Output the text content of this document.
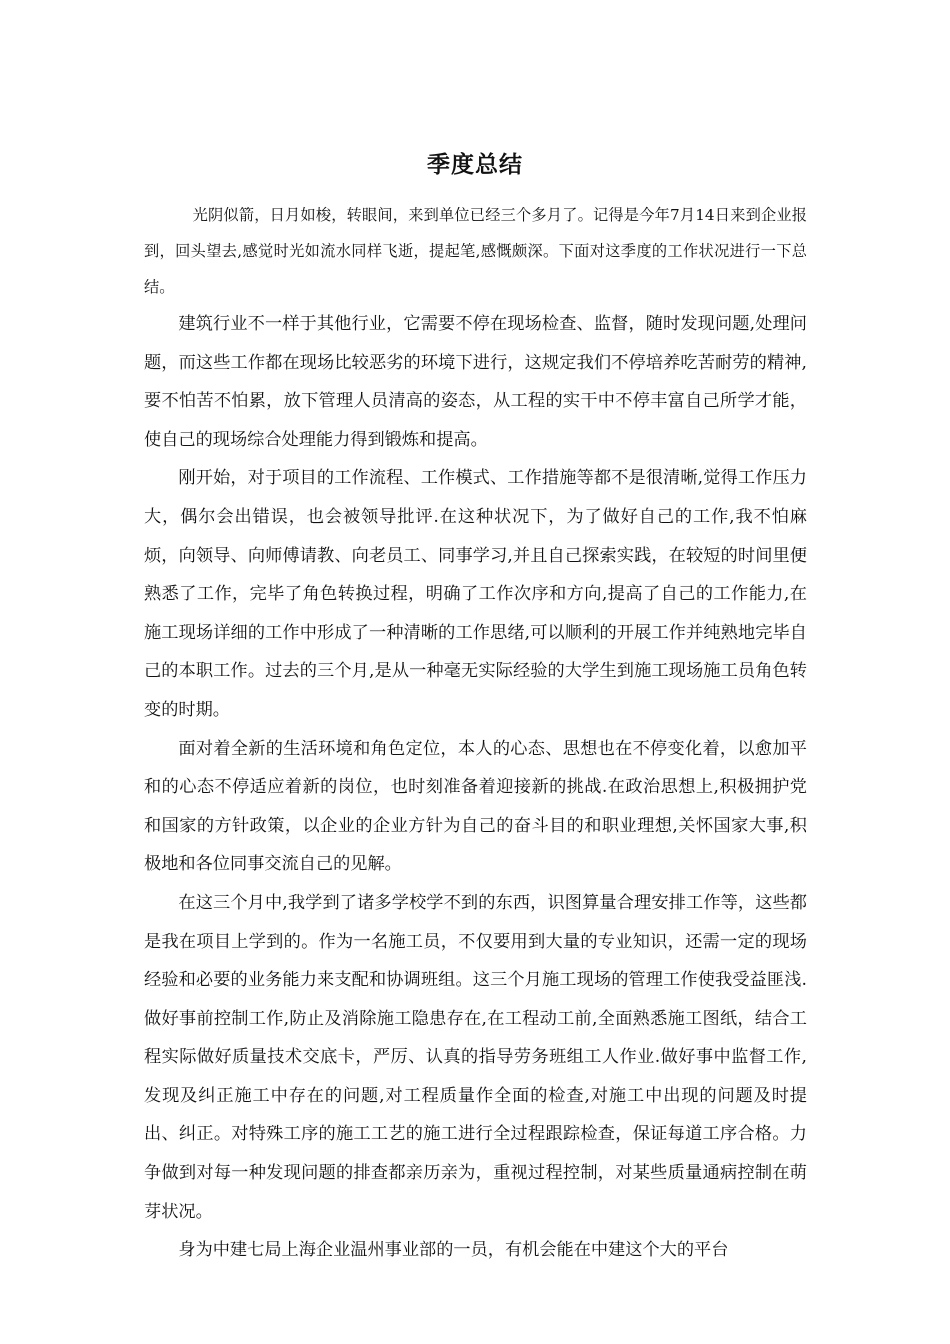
季度总结

光阴似箭，日月如梭，转眼间，来到单位已经三个多月了。记得是今年7月14日来到企业报到，回头望去,感觉时光如流水同样飞逝，提起笔,感慨颇深。下面对这季度的工作状况进行一下总结。

建筑行业不一样于其他行业，它需要不停在现场检查、监督，随时发现问题,处理问题，而这些工作都在现场比较恶劣的环境下进行，这规定我们不停培养吃苦耐劳的精神,要不怕苦不怕累，放下管理人员清高的姿态，从工程的实干中不停丰富自己所学才能，使自己的现场综合处理能力得到锻炼和提高。

刚开始，对于项目的工作流程、工作模式、工作措施等都不是很清晰,觉得工作压力大，偶尔会出错误，也会被领导批评.在这种状况下，为了做好自己的工作,我不怕麻烦，向领导、向师傅请教、向老员工、同事学习,并且自己探索实践，在较短的时间里便熟悉了工作，完毕了角色转换过程，明确了工作次序和方向,提高了自己的工作能力,在施工现场详细的工作中形成了一种清晰的工作思绪,可以顺利的开展工作并纯熟地完毕自己的本职工作。过去的三个月,是从一种毫无实际经验的大学生到施工现场施工员角色转变的时期。

面对着全新的生活环境和角色定位，本人的心态、思想也在不停变化着，以愈加平和的心态不停适应着新的岗位，也时刻准备着迎接新的挑战.在政治思想上,积极拥护党和国家的方针政策，以企业的企业方针为自己的奋斗目的和职业理想,关怀国家大事,积极地和各位同事交流自己的见解。

在这三个月中,我学到了诸多学校学不到的东西，识图算量合理安排工作等，这些都是我在项目上学到的。作为一名施工员，不仅要用到大量的专业知识，还需一定的现场经验和必要的业务能力来支配和协调班组。这三个月施工现场的管理工作使我受益匪浅.做好事前控制工作,防止及消除施工隐患存在,在工程动工前,全面熟悉施工图纸，结合工程实际做好质量技术交底卡，严厉、认真的指导劳务班组工人作业.做好事中监督工作,发现及纠正施工中存在的问题,对工程质量作全面的检查,对施工中出现的问题及时提出、纠正。对特殊工序的施工工艺的施工进行全过程跟踪检查，保证每道工序合格。力争做到对每一种发现问题的排查都亲历亲为，重视过程控制，对某些质量通病控制在萌芽状况。

身为中建七局上海企业温州事业部的一员，有机会能在中建这个大的平台
